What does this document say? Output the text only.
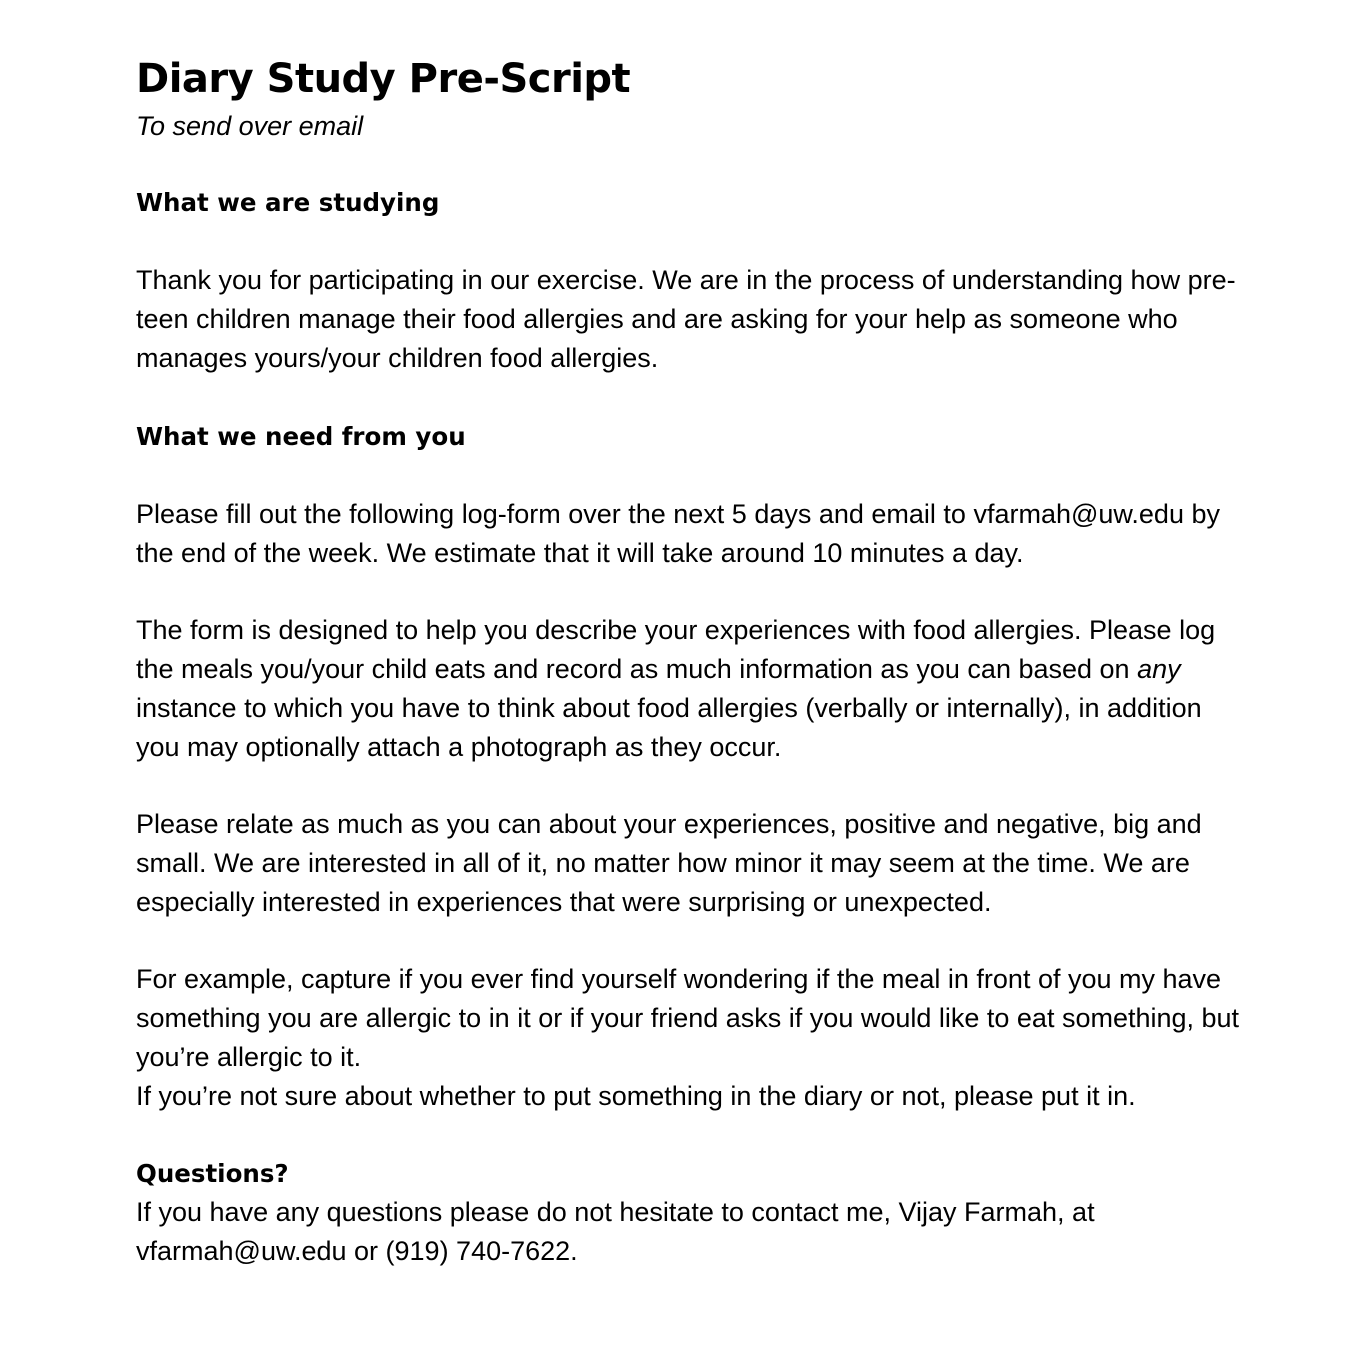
Diary Study Pre-Script

To send over email

What we are studying

Thank you for participating in our exercise. We are in the process of understanding how pre-teen children manage their food allergies and are asking for your help as someone who manages yours/your children food allergies.

What we need from you

Please fill out the following log-form over the next 5 days and email to vfarmah@uw.edu by the end of the week. We estimate that it will take around 10 minutes a day.

The form is designed to help you describe your experiences with food allergies. Please log the meals you/your child eats and record as much information as you can based on any instance to which you have to think about food allergies (verbally or internally), in addition you may optionally attach a photograph as they occur.

Please relate as much as you can about your experiences, positive and negative, big and small. We are interested in all of it, no matter how minor it may seem at the time. We are especially interested in experiences that were surprising or unexpected.

For example, capture if you ever find yourself wondering if the meal in front of you my have something you are allergic to in it or if your friend asks if you would like to eat something, but you’re allergic to it.

If you’re not sure about whether to put something in the diary or not, please put it in.

Questions?

If you have any questions please do not hesitate to contact me, Vijay Farmah, at vfarmah@uw.edu or (919) 740-7622.
